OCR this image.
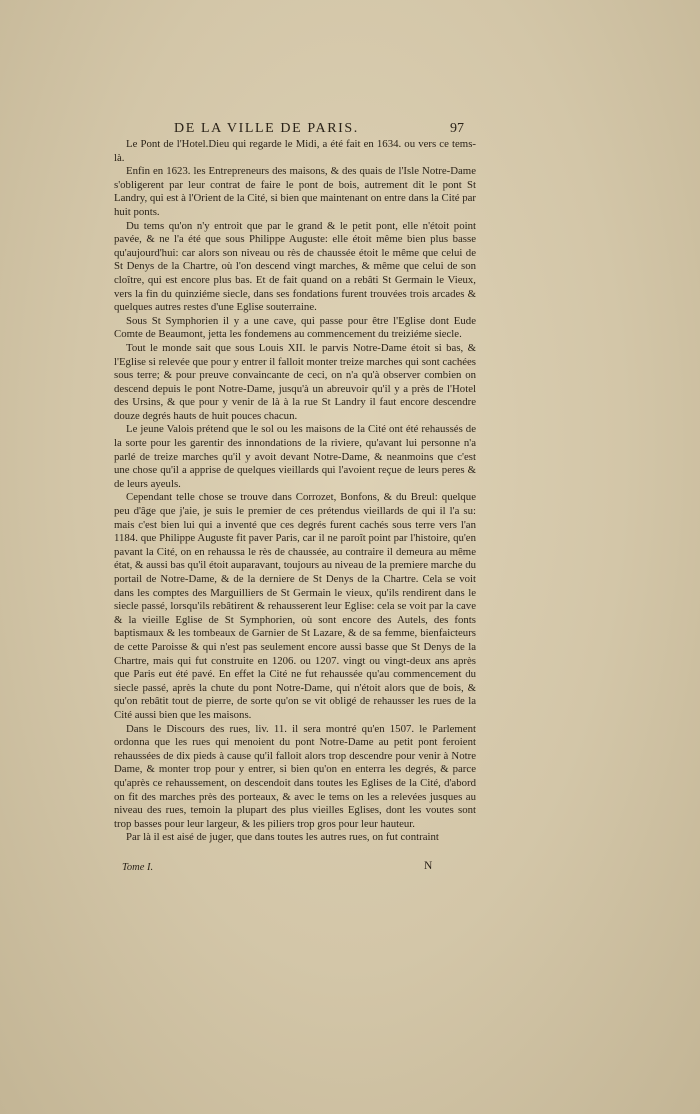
DE LA VILLE DE PARIS.	97

Le Pont de l'Hotel.Dieu qui regarde le Midi, a été fait en 1634. ou vers ce tems-là.

Enfin en 1623. les Entrepreneurs des maisons, & des quais de l'Isle Notre-Dame s'obligerent par leur contrat de faire le pont de bois, autrement dit le pont St Landry, qui est à l'Orient de la Cité, si bien que maintenant on entre dans la Cité par huit ponts.

Du tems qu'on n'y entroit que par le grand & le petit pont, elle n'étoit point pavée, & ne l'a été que sous Philippe Auguste: elle étoit même bien plus basse qu'aujourd'hui: car alors son niveau ou rès de chaussée étoit le même que celui de St Denys de la Chartre, où l'on descend vingt marches, & même que celui de son cloître, qui est encore plus bas. Et de fait quand on a rebâti St Germain le Vieux, vers la fin du quinziéme siecle, dans ses fondations furent trouvées trois arcades & quelques autres restes d'une Eglise souterraine.

Sous St Symphorien il y a une cave, qui passe pour être l'Eglise dont Eude Comte de Beaumont, jetta les fondemens au commencement du treiziéme siecle.

Tout le monde sait que sous Louis XII. le parvis Notre-Dame étoit si bas, & l'Eglise si relevée que pour y entrer il falloit monter treize marches qui sont cachées sous terre; & pour preuve convaincante de ceci, on n'a qu'à observer combien on descend depuis le pont Notre-Dame, jusqu'à un abreuvoir qu'il y a près de l'Hotel des Ursins, & que pour y venir de là à la rue St Landry il faut encore descendre douze degrés hauts de huit pouces chacun.

Le jeune Valois prétend que le sol ou les maisons de la Cité ont été rehaussés de la sorte pour les garentir des innondations de la riviere, qu'avant lui personne n'a parlé de treize marches qu'il y avoit devant Notre-Dame, & neanmoins que c'est une chose qu'il a apprise de quelques vieillards qui l'avoient reçue de leurs peres & de leurs ayeuls.

Cependant telle chose se trouve dans Corrozet, Bonfons, & du Breul: quelque peu d'âge que j'aie, je suis le premier de ces prétendus vieillards de qui il l'a su: mais c'est bien lui qui a inventé que ces degrés furent cachés sous terre vers l'an 1184. que Philippe Auguste fit paver Paris, car il ne paroît point par l'histoire, qu'en pavant la Cité, on en rehaussa le rès de chaussée, au contraire il demeura au même état, & aussi bas qu'il étoit auparavant, toujours au niveau de la premiere marche du portail de Notre-Dame, & de la derniere de St Denys de la Chartre. Cela se voit dans les comptes des Marguilliers de St Germain le vieux, qu'ils rendirent dans le siecle passé, lorsqu'ils rebâtirent & rehausserent leur Eglise: cela se voit par la cave & la vieille Eglise de St Symphorien, où sont encore des Autels, des fonts baptismaux & les tombeaux de Garnier de St Lazare, & de sa femme, bienfaicteurs de cette Paroisse & qui n'est pas seulement encore aussi basse que St Denys de la Chartre, mais qui fut construite en 1206. ou 1207. vingt ou vingt-deux ans après que Paris eut été pavé. En effet la Cité ne fut rehaussée qu'au commencement du siecle passé, après la chute du pont Notre-Dame, qui n'étoit alors que de bois, & qu'on rebâtit tout de pierre, de sorte qu'on se vit obligé de rehausser les rues de la Cité aussi bien que les maisons.

Dans le Discours des rues, liv. 11. il sera montré qu'en 1507. le Parlement ordonna que les rues qui menoient du pont Notre-Dame au petit pont feroient rehaussées de dix pieds à cause qu'il falloit alors trop descendre pour venir à Notre Dame, & monter trop pour y entrer, si bien qu'on en enterra les degrés, & parce qu'après ce rehaussement, on descendoit dans toutes les Eglises de la Cité, d'abord on fit des marches près des porteaux, & avec le tems on les a relevées jusques au niveau des rues, temoin la plupart des plus vieilles Eglises, dont les voutes sont trop basses pour leur largeur, & les piliers trop gros pour leur hauteur.

Par là il est aisé de juger, que dans toutes les autres rues, on fut contraint

Tome I.	N
